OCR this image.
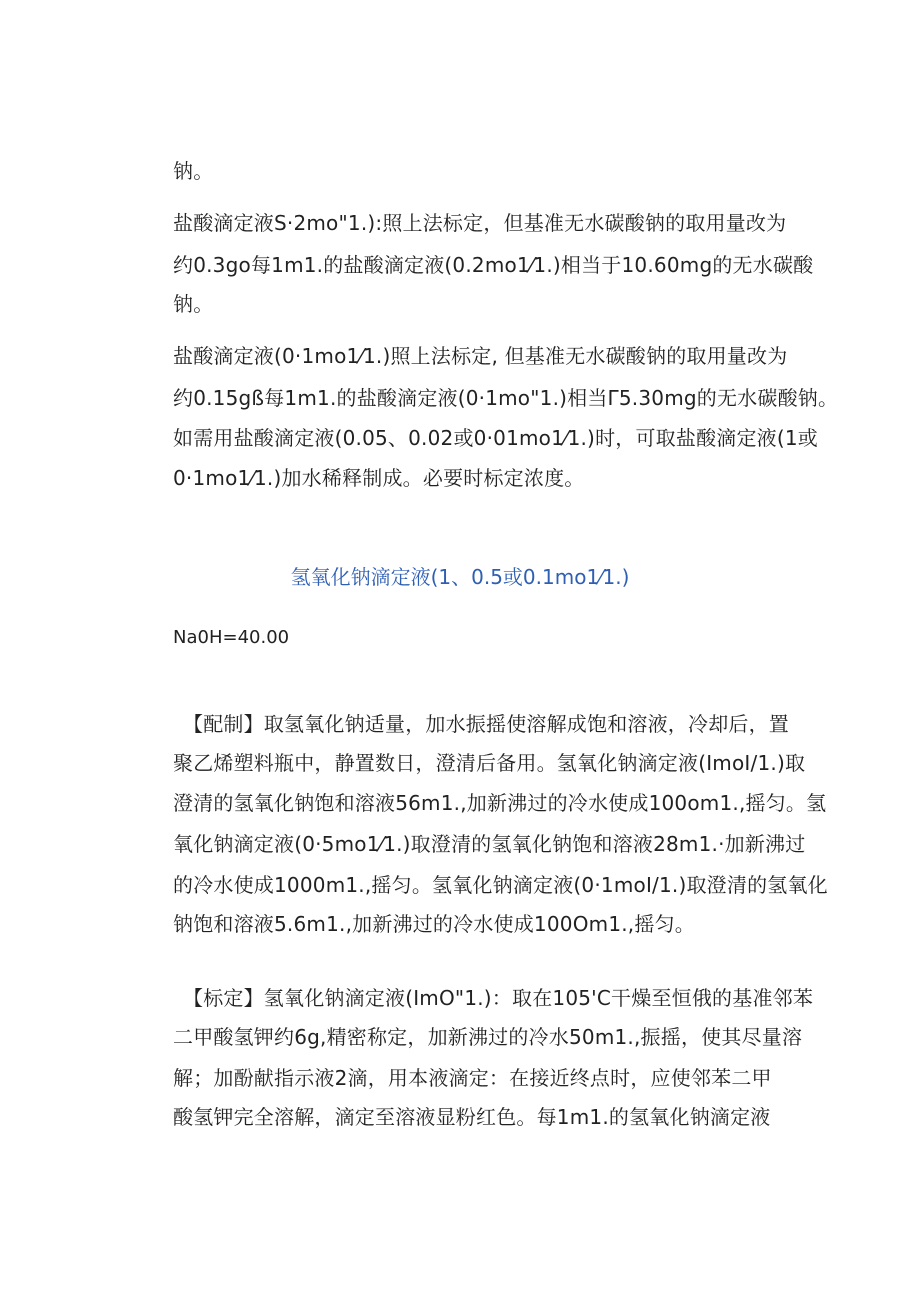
钠。
盐酸滴定液S·2mo"1.):照上法标定，但基准无水碳酸钠的取用量改为
约0.3go每1m1.的盐酸滴定液(0.2mo1⁄1.)相当于10.60mg的无水碳酸
钠。
盐酸滴定液(0·1mo1⁄1.)照上法标定, 但基准无水碳酸钠的取用量改为
约0.15gß每1m1.的盐酸滴定液(0·1mo"1.)相当Γ5.30mg的无水碳酸钠。
如需用盐酸滴定液(0.05、0.02或0·01mo1⁄1.)时，可取盐酸滴定液(1或
0·1mo1⁄1.)加水稀释制成。必要时标定浓度。
氢氧化钠滴定液(1、0.5或0.1mo1⁄1.)
Na0H=40.00
【配制】取氢氧化钠适量，加水振摇使溶解成饱和溶液，冷却后，置
聚乙烯塑料瓶中，静置数日，澄清后备用。氢氧化钠滴定液(ImoI/1.)取
澄清的氢氧化钠饱和溶液56m1.,加新沸过的冷水使成100om1.,摇匀。氢
氧化钠滴定液(0·5mo1⁄1.)取澄清的氢氧化钠饱和溶液28m1.·加新沸过
的冷水使成1000m1.,摇匀。氢氧化钠滴定液(0·1moI/1.)取澄清的氢氧化
钠饱和溶液5.6m1.,加新沸过的冷水使成100Om1.,摇匀。
【标定】氢氧化钠滴定液(ImO"1.)：取在105'C干燥至恒俄的基准邻苯
二甲酸氢钾约6g,精密称定，加新沸过的冷水50m1.,振摇，使其尽量溶
解；加酚献指示液2滴，用本液滴定：在接近终点时，应使邻苯二甲
酸氢钾完全溶解，滴定至溶液显粉红色。每1m1.的氢氧化钠滴定液
